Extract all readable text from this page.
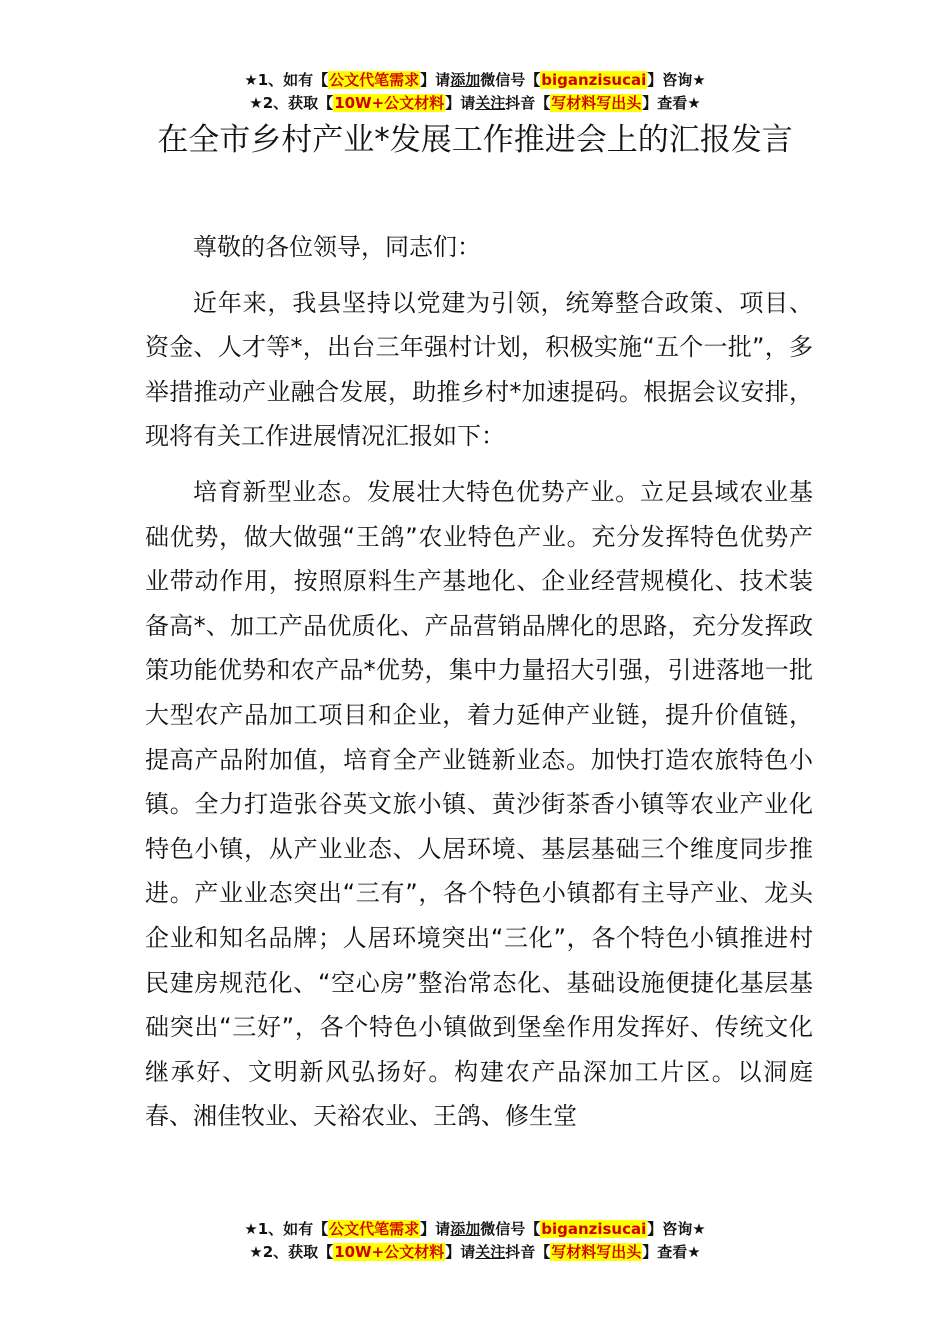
★1、如有【公文代笔需求】请添加微信号【biganzisucai】咨询★
★2、获取【10W+公文材料】请关注抖音【写材料写出头】查看★
在全市乡村产业*发展工作推进会上的汇报发言

尊敬的各位领导，同志们：

近年来，我县坚持以党建为引领，统筹整合政策、项目、资金、人才等*，出台三年强村计划，积极实施“五个一批”，多举措推动产业融合发展，助推乡村*加速提码。根据会议安排，现将有关工作进展情况汇报如下：

培育新型业态。发展壮大特色优势产业。立足县域农业基础优势，做大做强“王鸽”农业特色产业。充分发挥特色优势产业带动作用，按照原料生产基地化、企业经营规模化、技术装备高*、加工产品优质化、产品营销品牌化的思路，充分发挥政策功能优势和农产品*优势，集中力量招大引强，引进落地一批大型农产品加工项目和企业，着力延伸产业链，提升价值链，提高产品附加值，培育全产业链新业态。加快打造农旅特色小镇。全力打造张谷英文旅小镇、黄沙街茶香小镇等农业产业化特色小镇，从产业业态、人居环境、基层基础三个维度同步推进。产业业态突出“三有”，各个特色小镇都有主导产业、龙头企业和知名品牌；人居环境突出“三化”，各个特色小镇推进村民建房规范化、“空心房”整治常态化、基础设施便捷化基层基础突出“三好”，各个特色小镇做到堡垒作用发挥好、传统文化继承好、文明新风弘扬好。构建农产品深加工片区。以洞庭春、湘佳牧业、天裕农业、王鸽、修生堂

★1、如有【公文代笔需求】请添加微信号【biganzisucai】咨询★
★2、获取【10W+公文材料】请关注抖音【写材料写出头】查看★
